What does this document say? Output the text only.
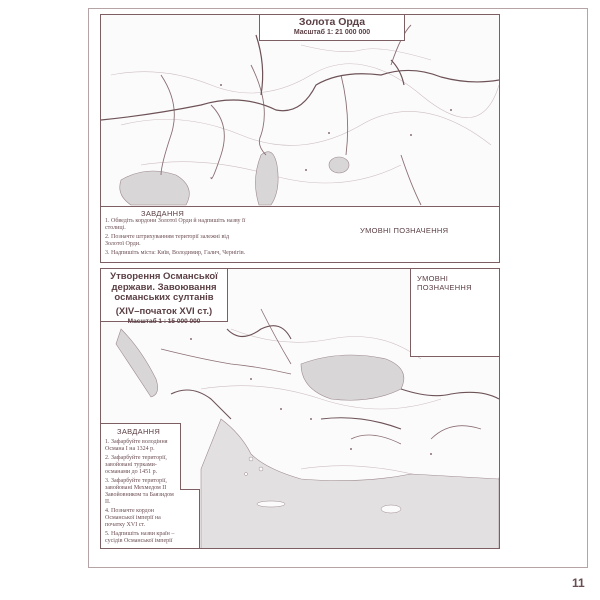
Золота Орда
Масштаб 1: 21 000 000
ЗАВДАННЯ
1. Обведіть кордони Золотої Орди й надпишіть назву її столиці.
2. Позначте штрихуванням території залежні від Золотої Орди.
3. Надпишіть міста: Київ, Володимир, Галич, Чернігів.
УМОВНІ ПОЗНАЧЕННЯ
Утворення Османської держави. Завоювання османських султанів
(XIV–початок XVI ст.)
Масштаб 1 : 15 000 000
УМОВНІ ПОЗНАЧЕННЯ
ЗАВДАННЯ
1. Зафарбуйте володіння Османа І на 1324 р.
2. Зафарбуйте території, завойовані турками-османами до 1451 р.
3. Зафарбуйте території, завойовані Мехмедом II Завойовником та Баязидом II.
4. Позначте кордон Османської імперії на початку XVI ст.
5. Надпишіть назви країн – сусідів Османської імперії
11
